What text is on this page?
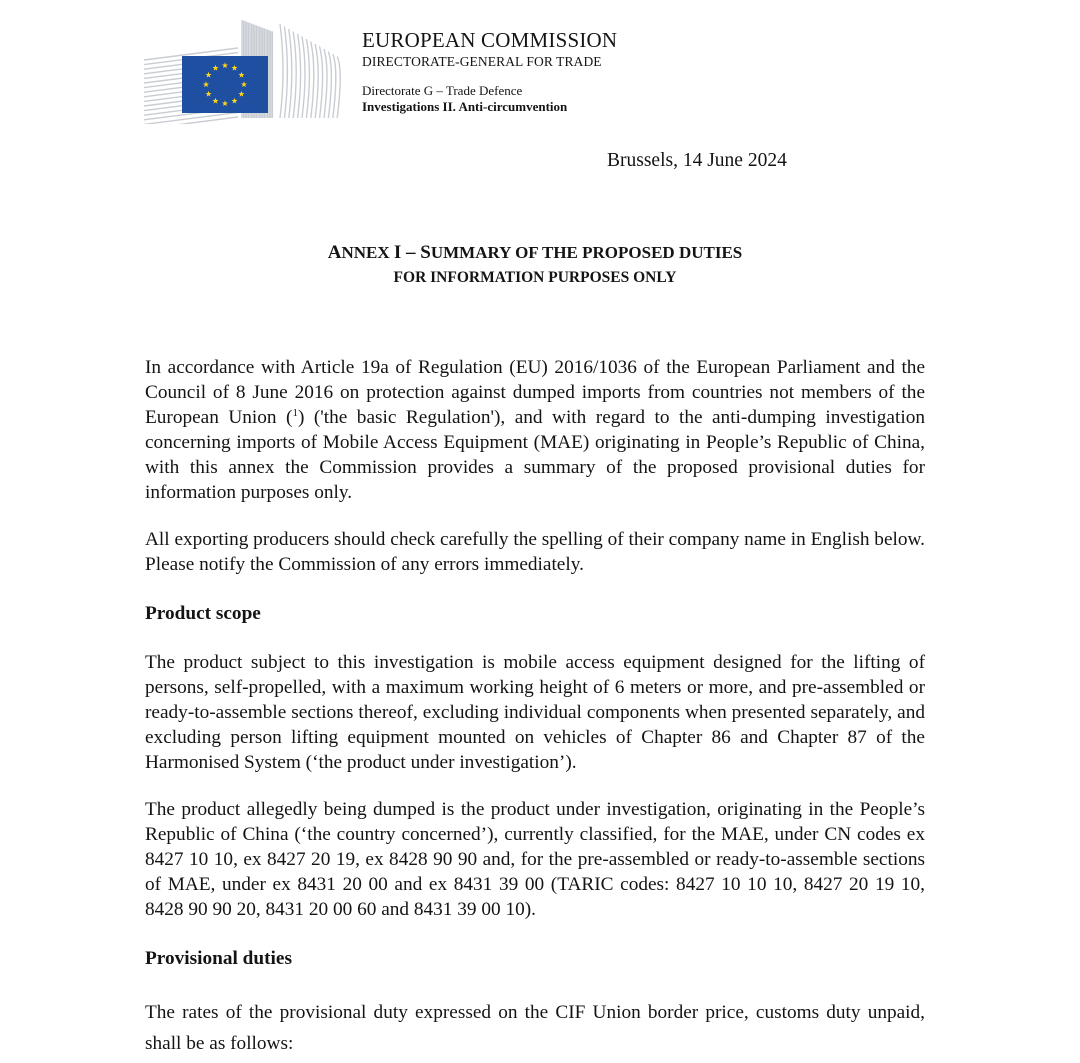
EUROPEAN COMMISSION
DIRECTORATE-GENERAL FOR TRADE
Directorate G – Trade Defence
Investigations II. Anti-circumvention
Brussels, 14 June 2024
ANNEX I – SUMMARY OF THE PROPOSED DUTIES
FOR INFORMATION PURPOSES ONLY

In accordance with Article 19a of Regulation (EU) 2016/1036 of the European Parliament and the Council of 8 June 2016 on protection against dumped imports from countries not members of the European Union ($^1$) ('the basic Regulation'), and with regard to the anti-dumping investigation concerning imports of Mobile Access Equipment (MAE) originating in People’s Republic of China, with this annex the Commission provides a summary of the proposed provisional duties for information purposes only.

All exporting producers should check carefully the spelling of their company name in English below. Please notify the Commission of any errors immediately.

Product scope

The product subject to this investigation is mobile access equipment designed for the lifting of persons, self-propelled, with a maximum working height of 6 meters or more, and pre-assembled or ready-to-assemble sections thereof, excluding individual components when presented separately, and excluding person lifting equipment mounted on vehicles of Chapter 86 and Chapter 87 of the Harmonised System (‘the product under investigation’).

The product allegedly being dumped is the product under investigation, originating in the People’s Republic of China (‘the country concerned’), currently classified, for the MAE, under CN codes ex 8427 10 10, ex 8427 20 19, ex 8428 90 90 and, for the pre-assembled or ready-to-assemble sections of MAE, under ex 8431 20 00 and ex 8431 39 00 (TARIC codes: 8427 10 10 10, 8427 20 19 10, 8428 90 90 20, 8431 20 00 60 and 8431 39 00 10).

Provisional duties

The rates of the provisional duty expressed on the CIF Union border price, customs duty unpaid, shall be as follows:
